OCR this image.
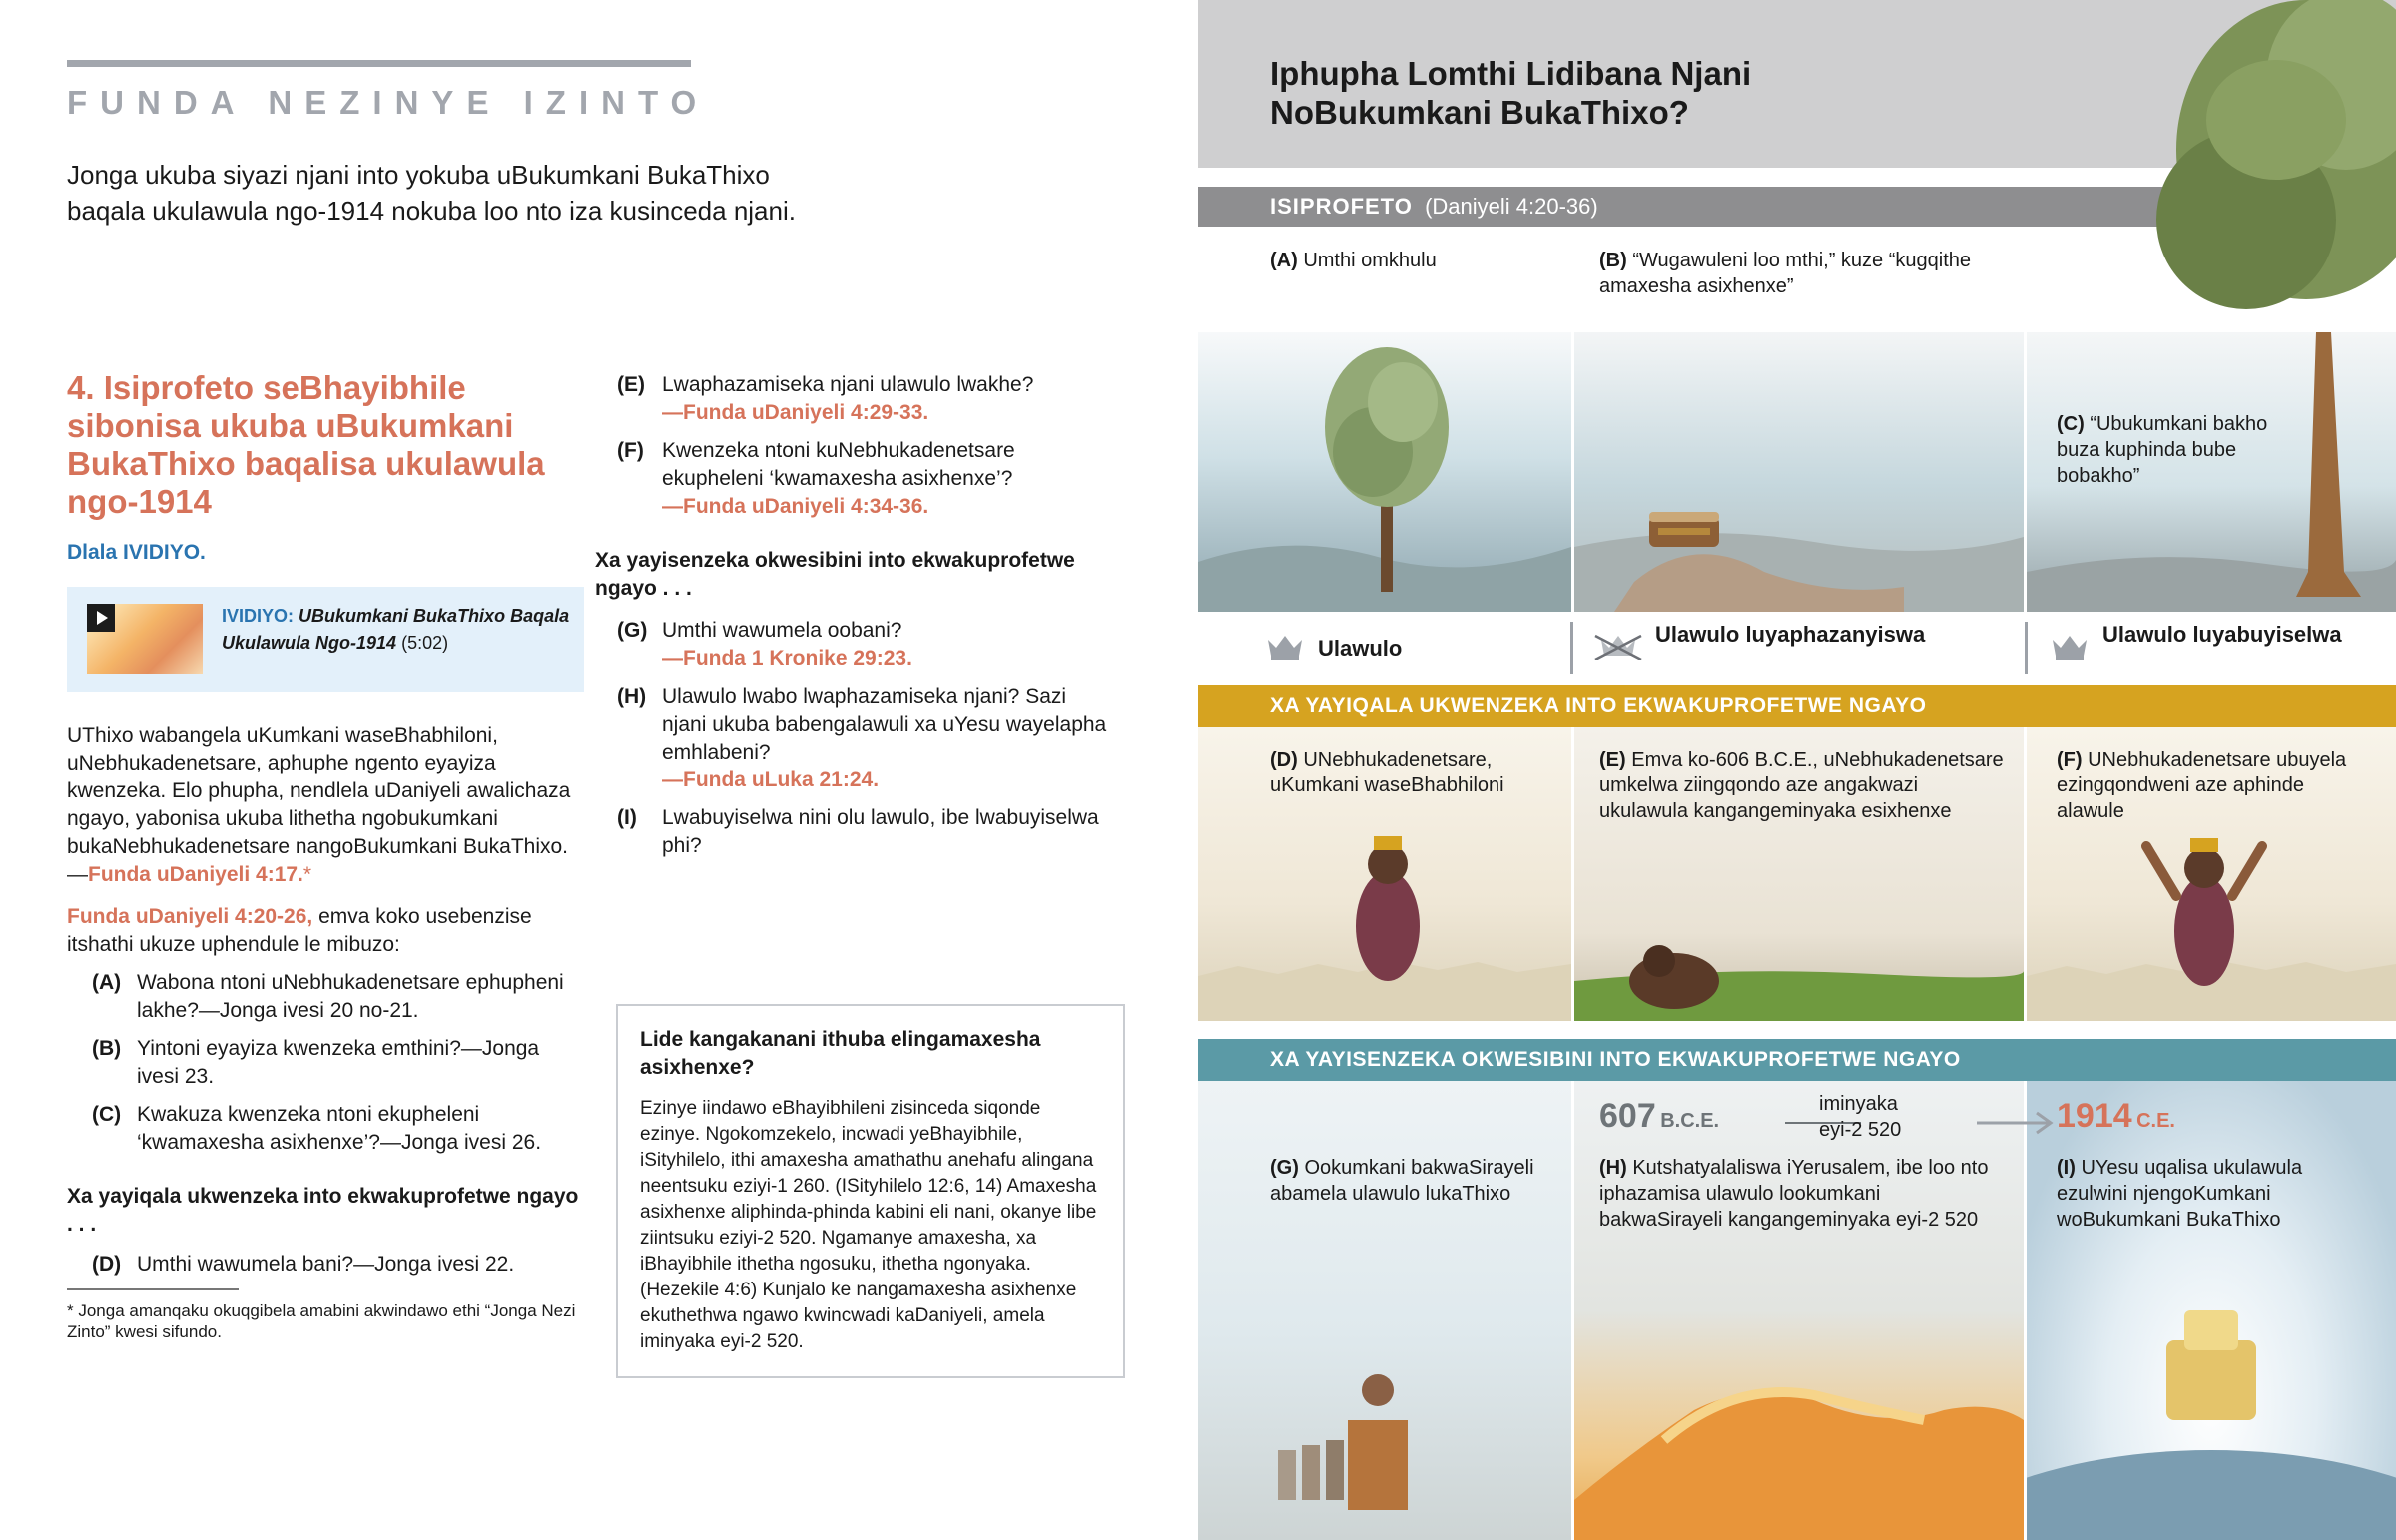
FUNDA NEZINYE IZINTO
Jonga ukuba siyazi njani into yokuba uBukumkani BukaThixo
baqala ukulawula ngo-1914 nokuba loo nto iza kusinceda njani.
4. Isiprofeto seBhayibhile sibonisa ukuba uBukumkani BukaThixo baqalisa ukulawula ngo-1914
Dlala IVIDIYO.
IVIDIYO: UBukumkani BukaThixo Baqala Ukulawula Ngo-1914 (5:02)
UThixo wabangela uKumkani waseBhabhiloni, uNebhukadenetsare, aphuphe ngento eyayiza kwenzeka. Elo phupha, nendlela uDaniyeli awalichaza ngayo, yabonisa ukuba lithetha ngobukumkani bukaNebhukadenetsare nangoBukumkani BukaThixo.—Funda uDaniyeli 4:17.*
Funda uDaniyeli 4:20-26, emva koko usebenzise itshathi ukuze uphendule le mibuzo:
(A) Wabona ntoni uNebhukadenetsare ephupheni lakhe?—Jonga ivesi 20 no-21.
(B) Yintoni eyayiza kwenzeka emthini?—Jonga ivesi 23.
(C) Kwakuza kwenzeka ntoni ekupheleni ‘kwamaxesha asixhenxe’?—Jonga ivesi 26.
Xa yayiqala ukwenzeka into ekwakuprofetwe ngayo . . .
(D) Umthi wawumela bani?—Jonga ivesi 22.
* Jonga amanqaku okuqgibela amabini akwindawo ethi “Jonga Nezi Zinto” kwesi sifundo.
(E) Lwaphazamiseka njani ulawulo lwakhe?
—Funda uDaniyeli 4:29-33.
(F) Kwenzeka ntoni kuNebhukadenetsare ekupheleni ‘kwamaxesha asixhenxe’?
—Funda uDaniyeli 4:34-36.
Xa yayisenzeka okwesibini into ekwakuprofetwe ngayo . . .
(G) Umthi wawumela oobani?
—Funda 1 Kronike 29:23.
(H) Ulawulo lwabo lwaphazamiseka njani? Sazi njani ukuba babengalawuli xa uYesu wayelapha emhlabeni?
—Funda uLuka 21:24.
(I)	Lwabuyiselwa nini olu lawulo, ibe lwabuyiselwa phi?
Lide kangakanani ithuba elingamaxesha asixhenxe?

Ezinye iindawo eBhayibhileni zisinceda siqonde ezinye. Ngokomzekelo, incwadi yeBhayibhile, iSityhilelo, ithi amaxesha amathathu anehafu alingana neentsuku eziyi-1 260. (ISityhilelo 12:6, 14) Amaxesha asixhenxe aliphinda-phinda kabini eli nani, okanye libe ziintsuku eziyi-2 520. Ngamanye amaxesha, xa iBhayibhile ithetha ngosuku, ithetha ngonyaka. (Hezekile 4:6) Kunjalo ke nangamaxesha asixhenxe ekuthethwa ngawo kwincwadi kaDaniyeli, amela iminyaka eyi-2 520.

Iphupha Lomthi Lidibana Njani
NoBukumkani BukaThixo?
ISIPROFETO (Daniyeli 4:20-36)
(A) Umthi omkhulu	(B) “Wugawuleni loo mthi,” kuze “kugqithe amaxesha asixhenxe”
(C) “Ubukumkani bakho buza kuphinda bube bobakho”
Ulawulo
Ulawulo luyaphazanyiswa	Ulawulo luyabuyiselwa
XA YAYIQALA UKWENZEKA INTO EKWAKUPROFETWE NGAYO
(D) UNebhukadenetsare, uKumkani waseBhabhiloni
(E) Emva ko-606 B.C.E., uNebhukadenetsare umkelwa ziingqondo aze angakwazi ukulawula kangangeminyaka esixhenxe
(F) UNebhukadenetsare ubuyela ezingqondweni aze aphinde alawule
XA YAYISENZEKA OKWESIBINI INTO EKWAKUPROFETWE NGAYO
607 B.C.E.
iminyaka eyi-2 520	1914 C.E.
(G) Ookumkani bakwaSirayeli abamela ulawulo lukaThixo
(H) Kutshatyalaliswa iYerusalem, ibe loo nto iphazamisa ulawulo lookumkani bakwaSirayeli kangangeminyaka eyi-2 520
(I) UYesu uqalisa ukulawula ezulwini njengoKumkani woBukumkani BukaThixo
